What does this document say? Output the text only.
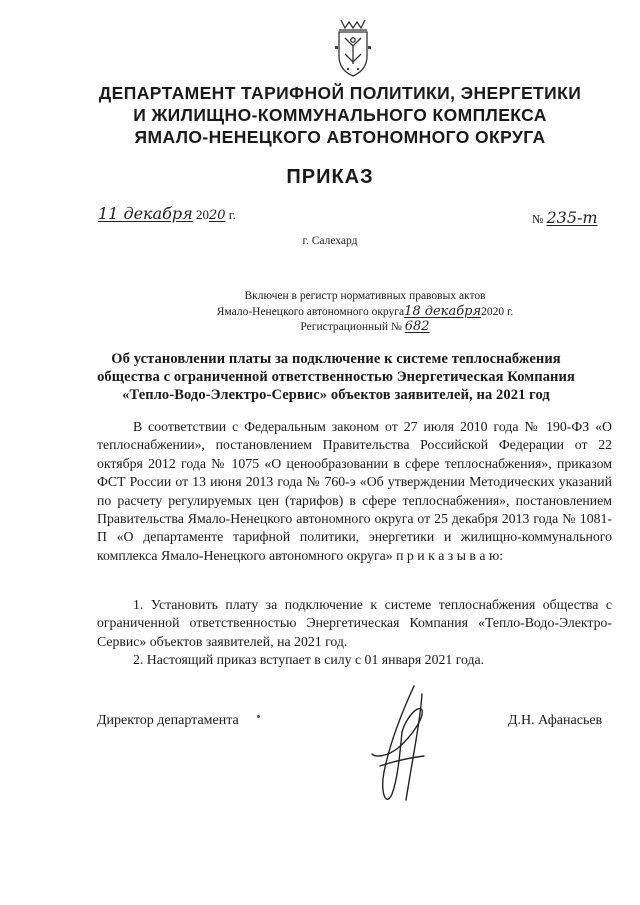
ДЕПАРТАМЕНТ ТАРИФНОЙ ПОЛИТИКИ, ЭНЕРГЕТИКИ
И ЖИЛИЩНО-КОММУНАЛЬНОГО КОМПЛЕКСА
ЯМАЛО-НЕНЕЦКОГО АВТОНОМНОГО ОКРУГА
ПРИКАЗ
11 декабря 2020 г.	№ 235-т
г. Салехард
Включен в регистр нормативных правовых актов
Ямало-Ненецкого автономного округа18 декабря2020 г.
Регистрационный № 682
Об установлении платы за подключение к системе теплоснабжения
общества с ограниченной ответственностью Энергетическая Компания
«Тепло-Водо-Электро-Сервис» объектов заявителей, на 2021 год
В соответствии с Федеральным законом от 27 июля 2010 года № 190-ФЗ «О теплоснабжении», постановлением Правительства Российской Федерации от 22 октября 2012 года № 1075 «О ценообразовании в сфере теплоснабжения», приказом ФСТ России от 13 июня 2013 года № 760-э «Об утверждении Методических указаний по расчету регулируемых цен (тарифов) в сфере теплоснабжения», постановлением Правительства Ямало-Ненецкого автономного округа от 25 декабря 2013 года № 1081-П «О департаменте тарифной политики, энергетики и жилищно-коммунального комплекса Ямало-Ненецкого автономного округа» п р и к а з ы в а ю:
1. Установить плату за подключение к системе теплоснабжения общества с ограниченной ответственностью Энергетическая Компания «Тепло-Водо-Электро-Сервис» объектов заявителей, на 2021 год.
2. Настоящий приказ вступает в силу с 01 января 2021 года.
Директор департамента	Д.Н. Афанасьев
